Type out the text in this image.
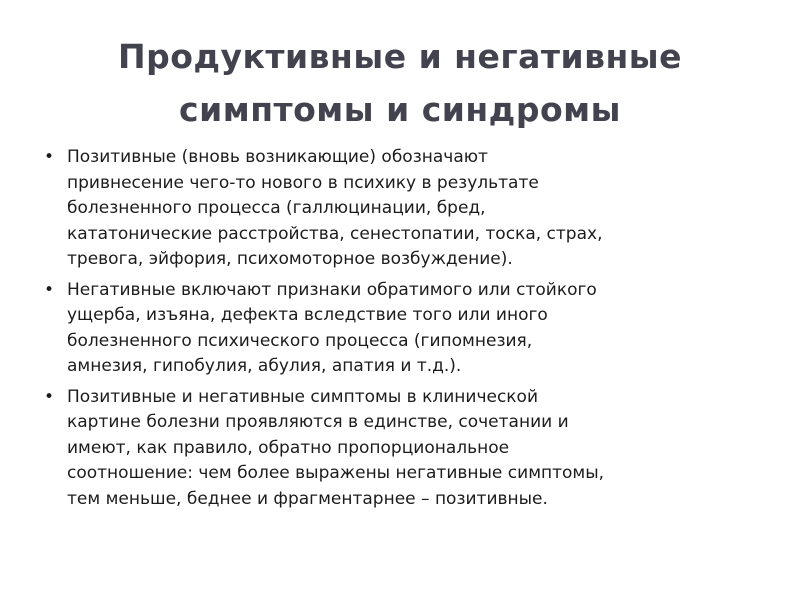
Продуктивные и негативные
симптомы и синдромы
• Позитивные (вновь возникающие) обозначают
привнесение чего-то нового в психику в результате
болезненного процесса (галлюцинации, бред,
кататонические расстройства, сенестопатии, тоска, страх,
тревога, эйфория, психомоторное возбуждение).
• Негативные включают признаки обратимого или стойкого
ущерба, изъяна, дефекта вследствие того или иного
болезненного психического процесса (гипомнезия,
амнезия, гипобулия, абулия, апатия и т.д.).
• Позитивные и негативные симптомы в клинической
картине болезни проявляются в единстве, сочетании и
имеют, как правило, обратно пропорциональное
соотношение: чем более выражены негативные симптомы,
тем меньше, беднее и фрагментарнее – позитивные.
